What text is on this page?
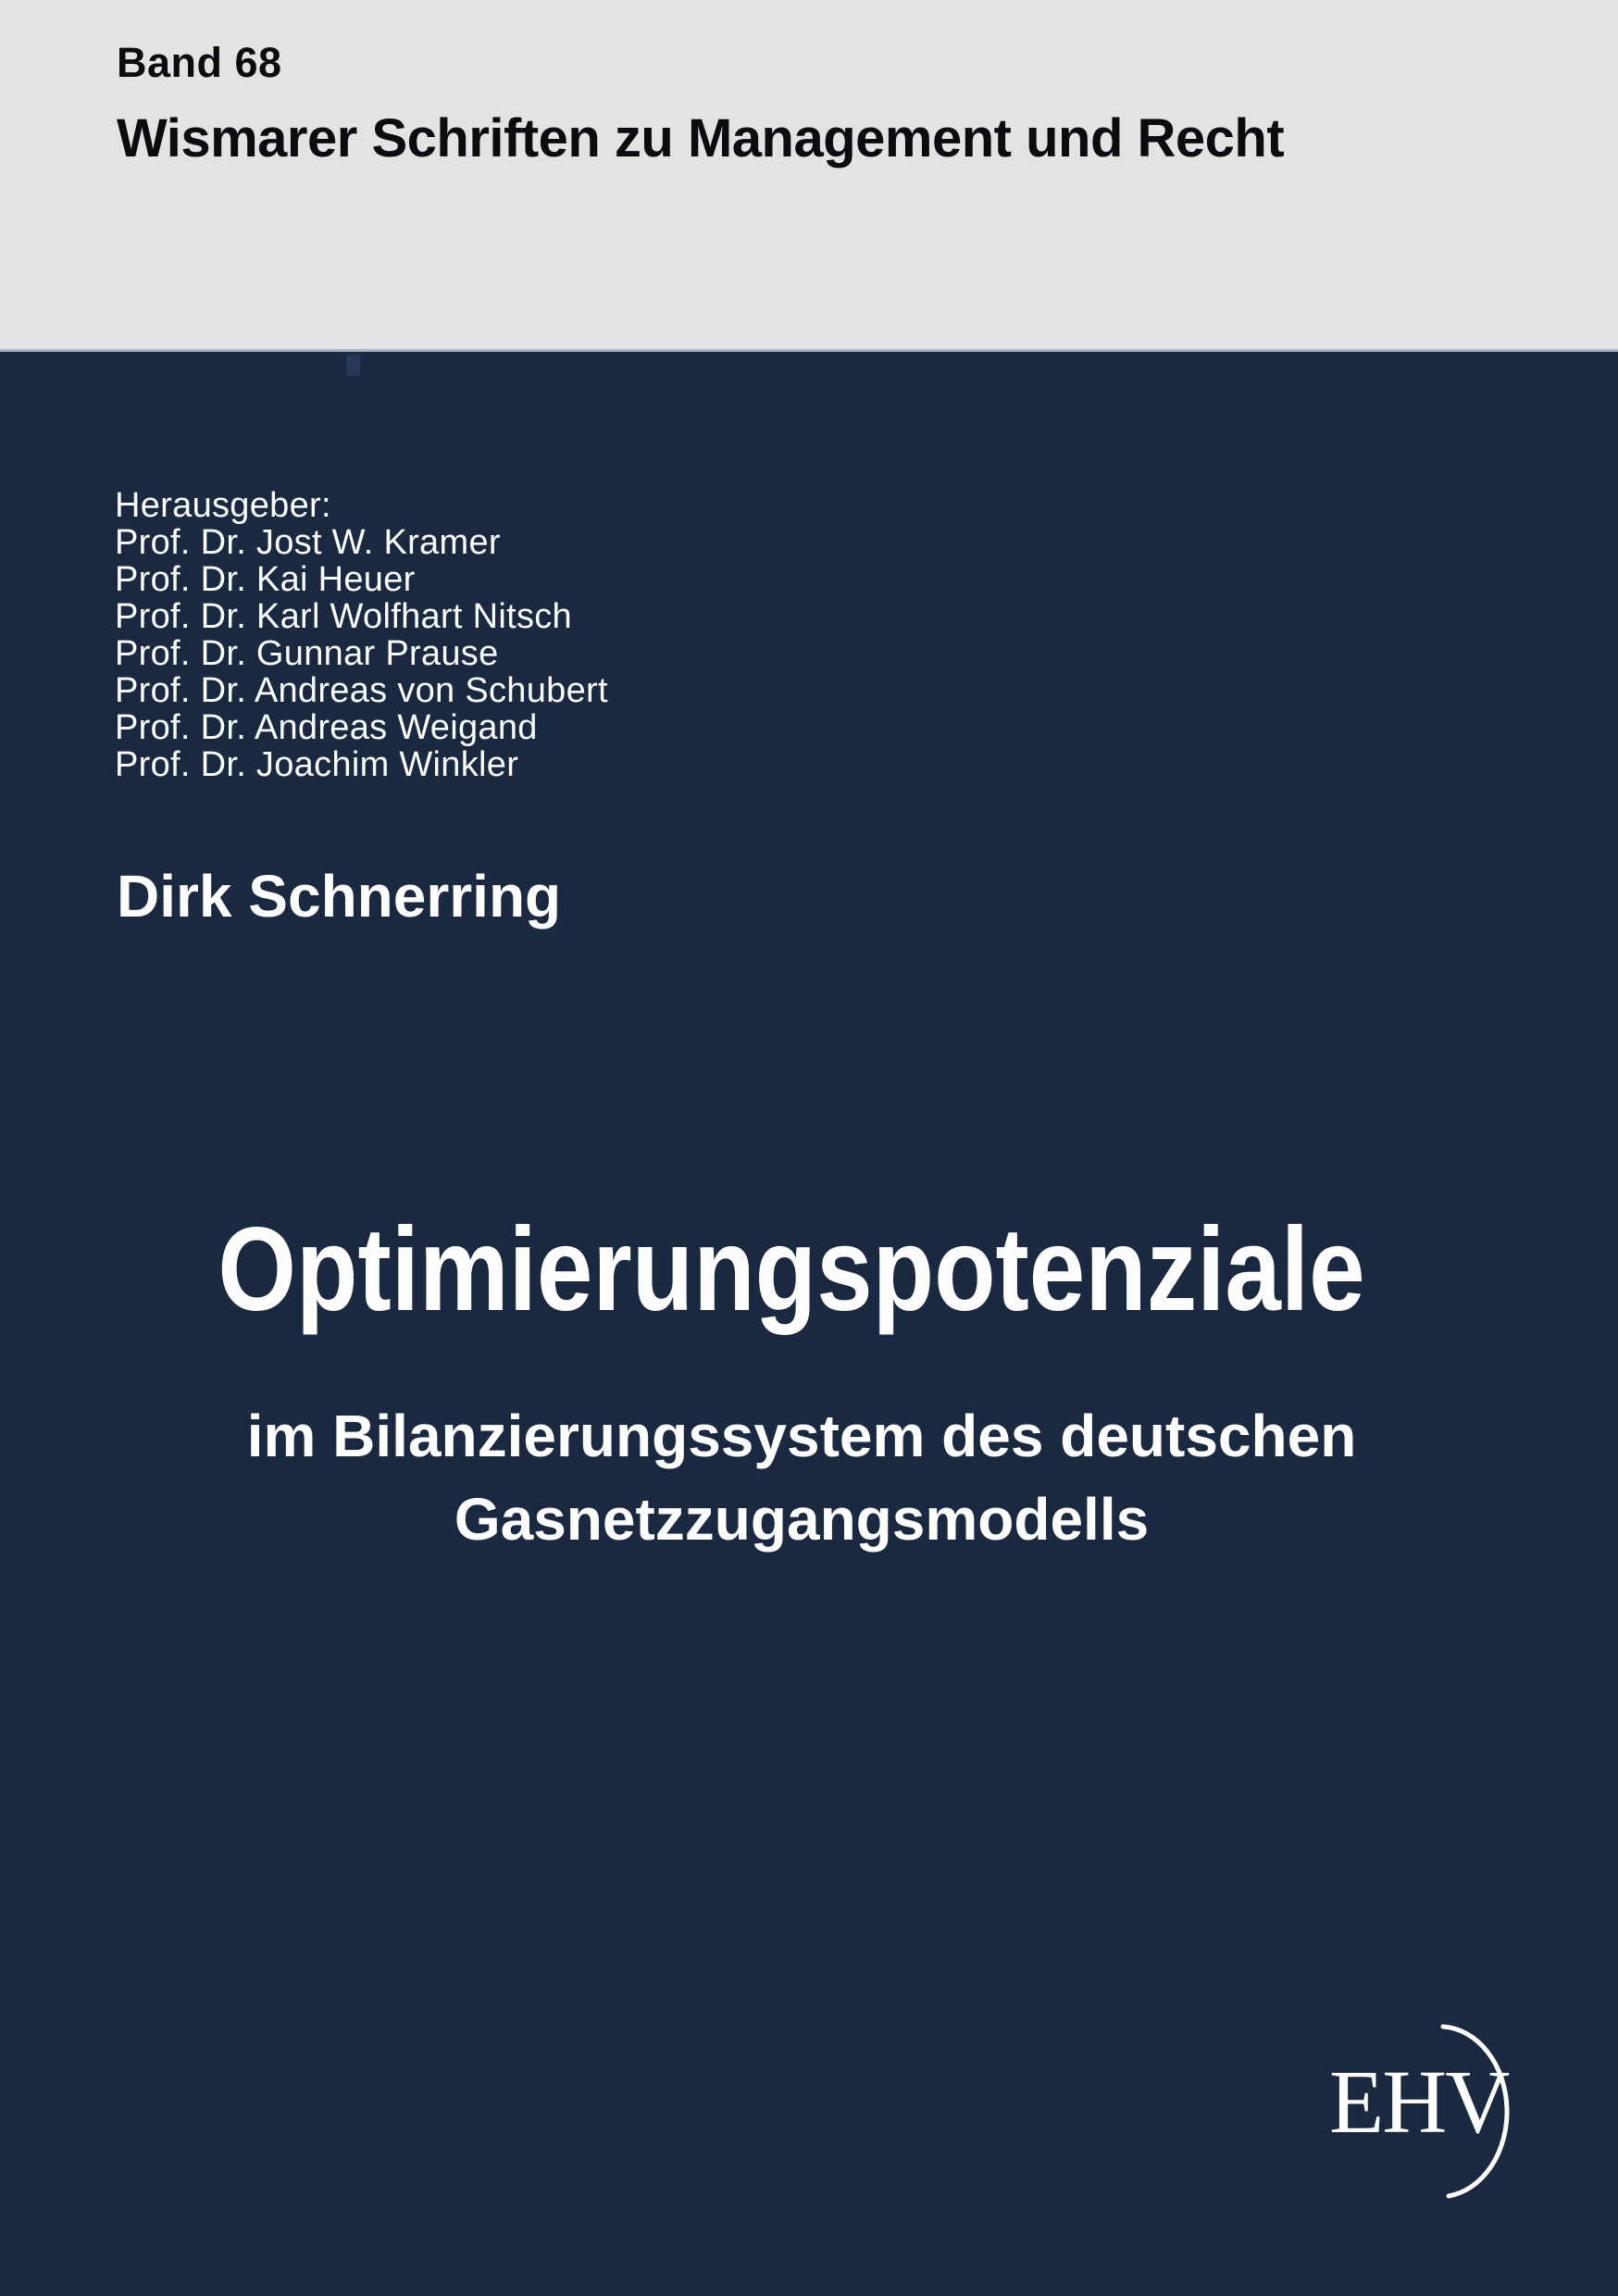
Band 68
Wismarer Schriften zu Management und Recht
Herausgeber:
Prof. Dr. Jost W. Kramer
Prof. Dr. Kai Heuer
Prof. Dr. Karl Wolfhart Nitsch
Prof. Dr. Gunnar Prause
Prof. Dr. Andreas von Schubert
Prof. Dr. Andreas Weigand
Prof. Dr. Joachim Winkler
Dirk Schnerring
Optimierungspotenziale
im Bilanzierungssystem des deutschen
Gasnetzzugangsmodells
EHV
